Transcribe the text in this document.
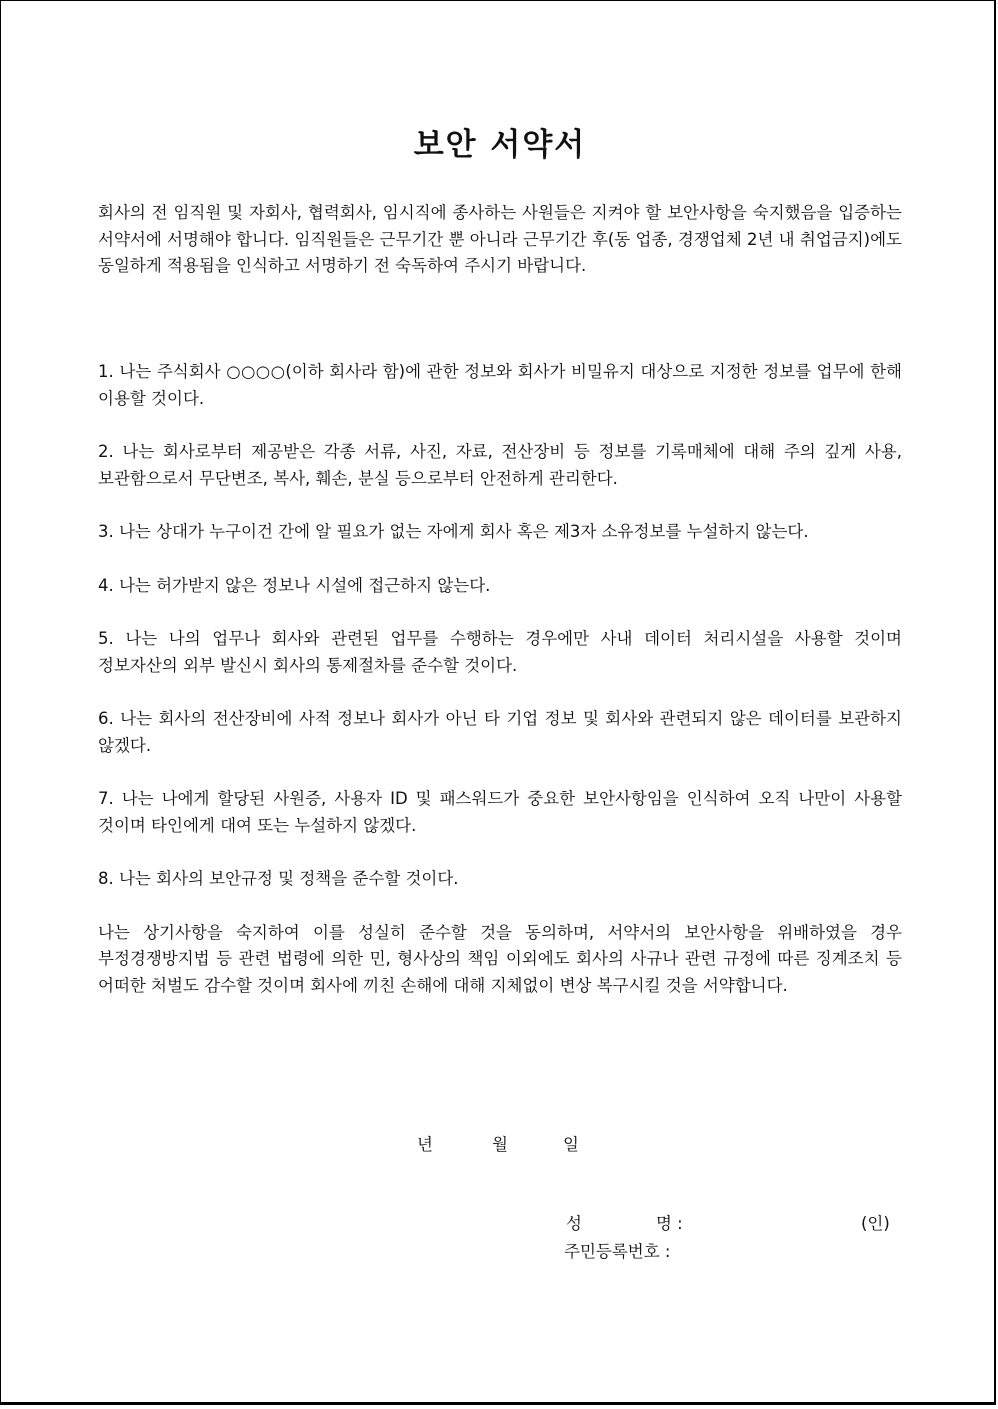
보안 서약서

회사의 전 임직원 및 자회사, 협력회사, 임시직에 종사하는 사원들은 지켜야 할 보안사항을 숙지했음을 입증하는 서약서에 서명해야 합니다. 임직원들은 근무기간 뿐 아니라 근무기간 후(동 업종, 경쟁업체 2년 내 취업금지)에도 동일하게 적용됨을 인식하고 서명하기 전 숙독하여 주시기 바랍니다.

1. 나는 주식회사 ○○○○(이하 회사라 함)에 관한 정보와 회사가 비밀유지 대상으로 지정한 정보를 업무에 한해 이용할 것이다.
2. 나는 회사로부터 제공받은 각종 서류, 사진, 자료, 전산장비 등 정보를 기록매체에 대해 주의 깊게 사용, 보관함으로서 무단변조, 복사, 훼손, 분실 등으로부터 안전하게 관리한다.
3. 나는 상대가 누구이건 간에 알 필요가 없는 자에게 회사 혹은 제3자 소유정보를 누설하지 않는다.
4. 나는 허가받지 않은 정보나 시설에 접근하지 않는다.
5. 나는 나의 업무나 회사와 관련된 업무를 수행하는 경우에만 사내 데이터 처리시설을 사용할 것이며 정보자산의 외부 발신시 회사의 통제절차를 준수할 것이다.
6. 나는 회사의 전산장비에 사적 정보나 회사가 아닌 타 기업 정보 및 회사와 관련되지 않은 데이터를 보관하지 않겠다.
7. 나는 나에게 할당된 사원증, 사용자 ID 및 패스워드가 중요한 보안사항임을 인식하여 오직 나만이 사용할 것이며 타인에게 대여 또는 누설하지 않겠다.
8. 나는 회사의 보안규정 및 정책을 준수할 것이다.
나는 상기사항을 숙지하여 이를 성실히 준수할 것을 동의하며, 서약서의 보안사항을 위배하였을 경우 부정경쟁방지법 등 관련 법령에 의한 민, 형사상의 책임 이외에도 회사의 사규나 관련 규정에 따른 징계조치 등 어떠한 처벌도 감수할 것이며 회사에 끼친 손해에 대해 지체없이 변상 복구시킬 것을 서약합니다.
년	월	일
성	명 :	(인)
주민등록번호 :
